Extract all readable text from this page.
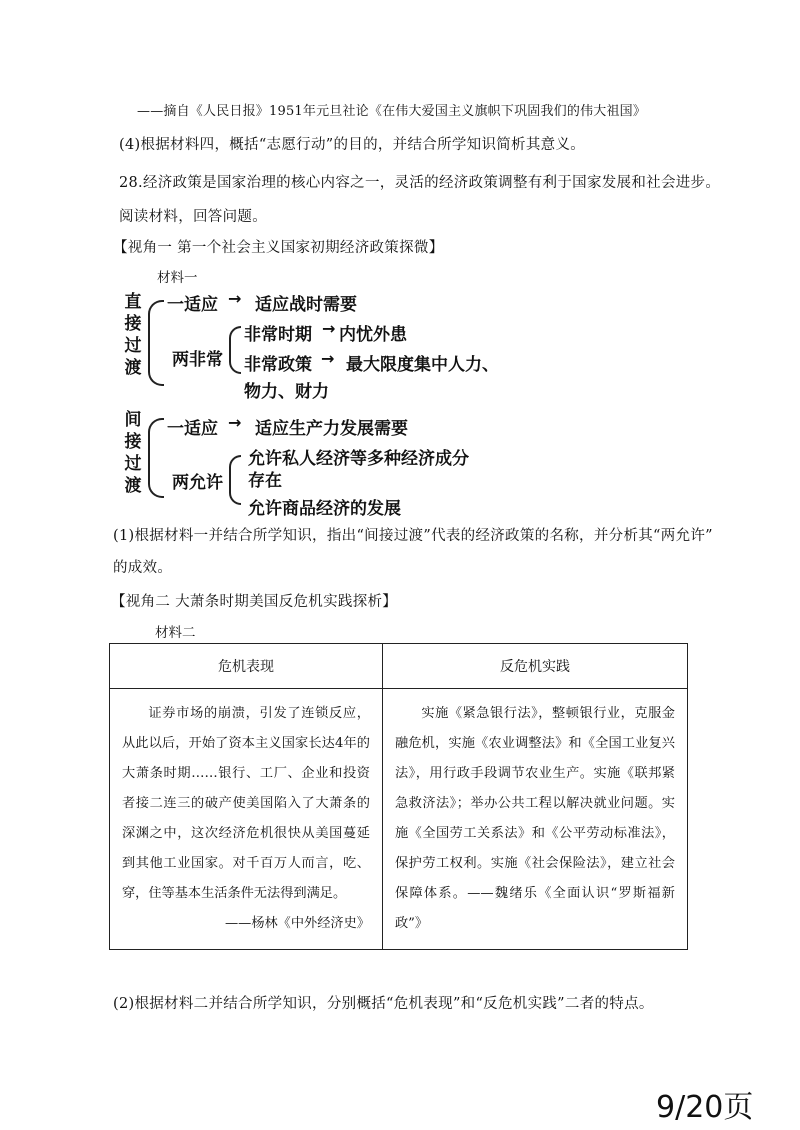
——摘自《人民日报》1951年元旦社论《在伟大爱国主义旗帜下巩固我们的伟大祖国》
(4)根据材料四，概括“志愿行动”的目的，并结合所学知识简析其意义。
28.经济政策是国家治理的核心内容之一，灵活的经济政策调整有利于国家发展和社会进步。
阅读材料，回答问题。
【视角一 第一个社会主义国家初期经济政策探微】
材料一
直接过渡
一适应 → 适应战时需要
两非常
非常时期 → 内忧外患
非常政策 → 最大限度集中人力、
物力、财力
间接过渡
一适应 → 适应生产力发展需要
两允许
允许私人经济等多种经济成分
存在
允许商品经济的发展
(1)根据材料一并结合所学知识，指出“间接过渡”代表的经济政策的名称，并分析其“两允许”
的成效。
【视角二 大萧条时期美国反危机实践探析】
材料二
危机表现	反危机实践

证券市场的崩溃，引发了连锁反应，从此以后，开始了资本主义国家长达4年的大萧条时期……银行、工厂、企业和投资者接二连三的破产使美国陷入了大萧条的深渊之中，这次经济危机很快从美国蔓延到其他工业国家。对千百万人而言，吃、穿，住等基本生活条件无法得到满足。

——杨林《中外经济史》	实施《紧急银行法》，整顿银行业，克服金融危机，实施《农业调整法》和《全国工业复兴法》，用行政手段调节农业生产。实施《联邦紧急救济法》；举办公共工程以解决就业问题。实施《全国劳工关系法》和《公平劳动标准法》，保护劳工权利。实施《社会保险法》，建立社会保障体系。——魏绪乐《全面认识“罗斯福新政”》

(2)根据材料二并结合所学知识，分别概括“危机表现”和“反危机实践”二者的特点。
9/20页
